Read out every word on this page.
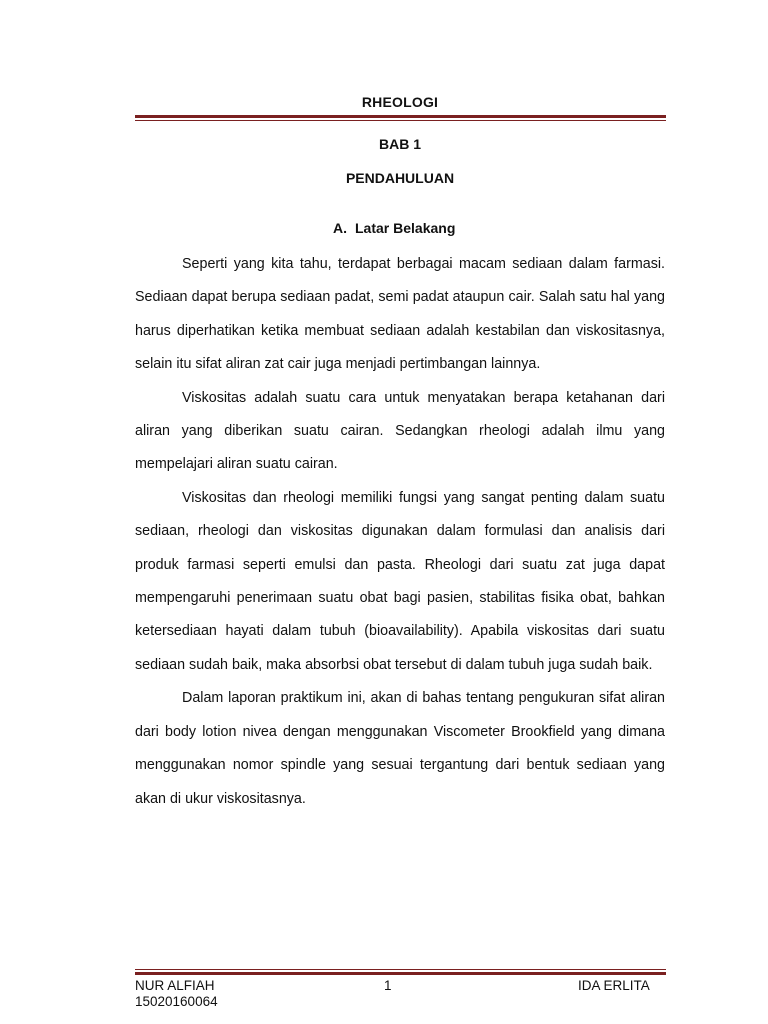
RHEOLOGI
BAB 1
PENDAHULUAN
A. Latar Belakang

Seperti yang kita tahu, terdapat berbagai macam sediaan dalam farmasi. Sediaan dapat berupa sediaan padat, semi padat ataupun cair. Salah satu hal yang harus diperhatikan ketika membuat sediaan adalah kestabilan dan viskositasnya, selain itu sifat aliran zat cair juga menjadi pertimbangan lainnya.

Viskositas adalah suatu cara untuk menyatakan berapa ketahanan dari aliran yang diberikan suatu cairan. Sedangkan rheologi adalah ilmu yang mempelajari aliran suatu cairan.

Viskositas dan rheologi memiliki fungsi yang sangat penting dalam suatu sediaan, rheologi dan viskositas digunakan dalam formulasi dan analisis dari produk farmasi seperti emulsi dan pasta. Rheologi dari suatu zat juga dapat mempengaruhi penerimaan suatu obat bagi pasien, stabilitas fisika obat, bahkan ketersediaan hayati dalam tubuh (bioavailability). Apabila viskositas dari suatu sediaan sudah baik, maka absorbsi obat tersebut di dalam tubuh juga sudah baik.

Dalam laporan praktikum ini, akan di bahas tentang pengukuran sifat aliran dari body lotion nivea dengan menggunakan Viscometer Brookfield yang dimana menggunakan nomor spindle yang sesuai tergantung dari bentuk sediaan yang akan di ukur viskositasnya.

NUR ALFIAH
15020160064
1	IDA ERLITA
